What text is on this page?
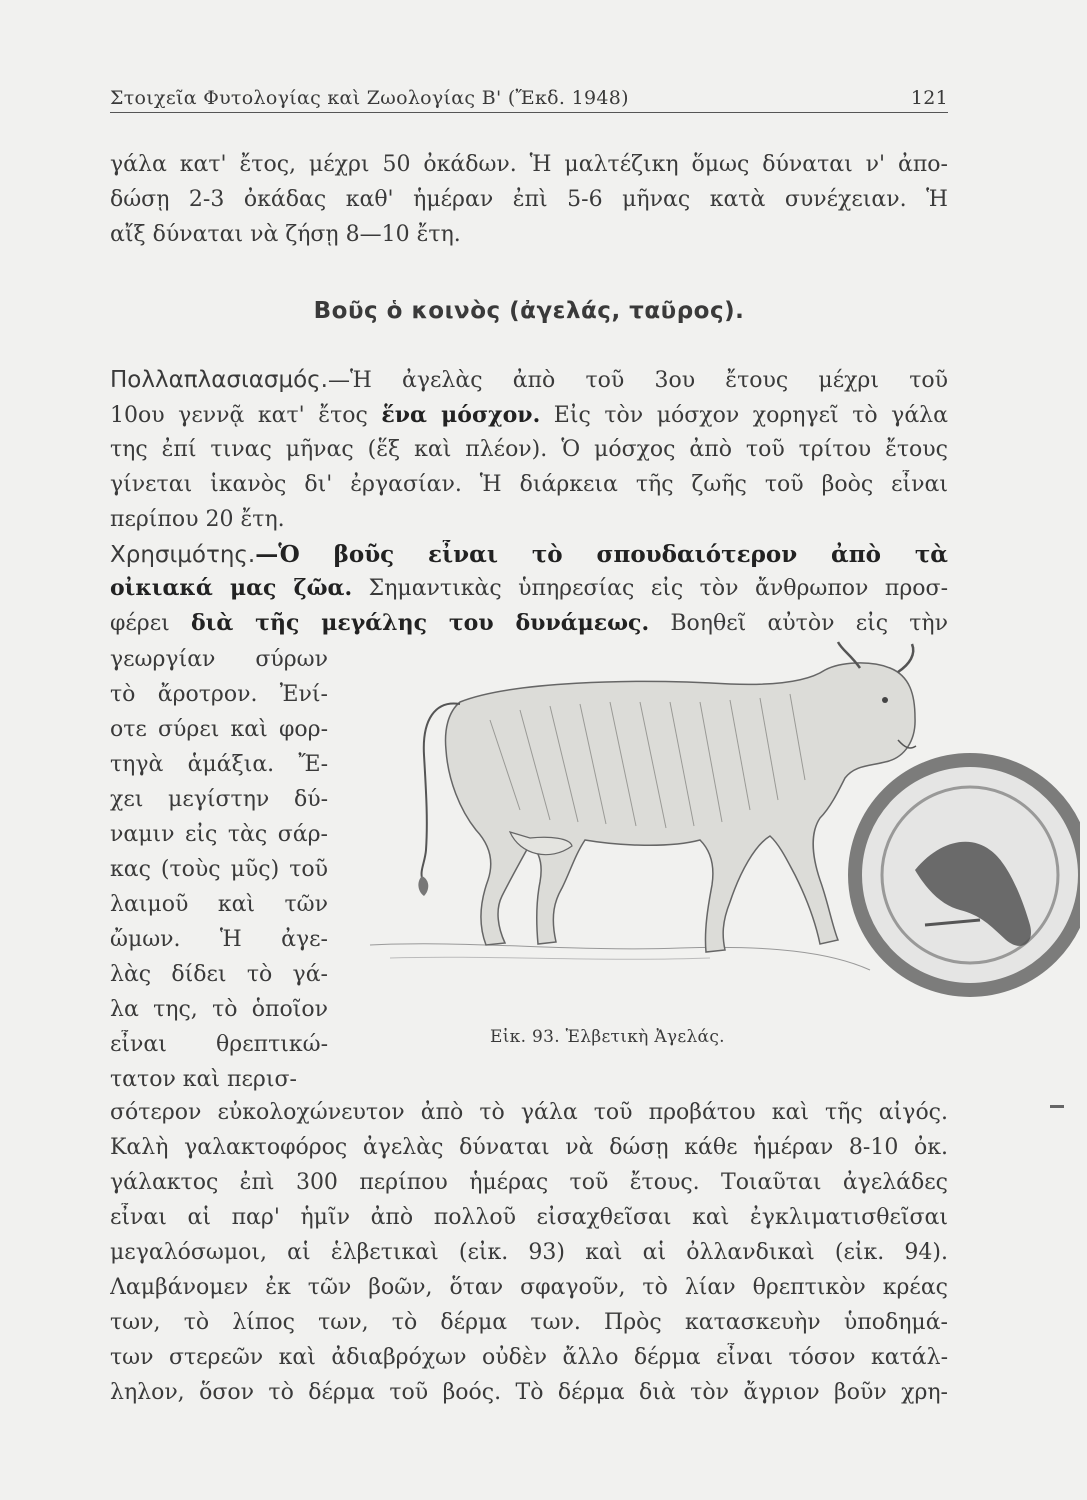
Στοιχεῖα Φυτολογίας καὶ Ζωολογίας Β' (Ἔκδ. 1948)	121
γάλα κατ' ἔτος, μέχρι 50 ὀκάδων. Ἡ μαλτέζικη ὅμως δύναται ν' ἀπο-
δώσῃ 2-3 ὀκάδας καθ' ἡμέραν ἐπὶ 5-6 μῆνας κατὰ συνέχειαν. Ἡ
αἴξ δύναται νὰ ζήσῃ 8—10 ἔτη.
Βοῦς ὁ κοινὸς (ἀγελάς, ταῦρος).
Πολλαπλασιασμός.—Ἡ ἀγελὰς ἀπὸ τοῦ 3ου ἔτους μέχρι τοῦ
10ου γεννᾷ κατ' ἔτος ἕνα μόσχον. Εἰς τὸν μόσχον χορηγεῖ τὸ γάλα
της ἐπί τινας μῆνας (ἕξ καὶ πλέον). Ὁ μόσχος ἀπὸ τοῦ τρίτου ἔτους
γίνεται ἱκανὸς δι' ἐργασίαν. Ἡ διάρκεια τῆς ζωῆς τοῦ βοὸς εἶναι
περίπου 20 ἔτη.
Χρησιμότης.—Ὁ βοῦς εἶναι τὸ σπουδαιότερον ἀπὸ τὰ
οἰκιακά μας ζῶα. Σημαντικὰς ὑπηρεσίας εἰς τὸν ἄνθρωπον προσ-
φέρει διὰ τῆς μεγάλης του δυνάμεως. Βοηθεῖ αὐτὸν εἰς τὴν
γεωργίαν σύρων
τὸ ἄροτρον. Ἐνί-
οτε σύρει καὶ φορ-
τηγὰ ἁμάξια. Ἔ-
χει μεγίστην δύ-
ναμιν εἰς τὰς σάρ-
κας (τοὺς μῦς) τοῦ
λαιμοῦ καὶ τῶν
ὤμων. Ἡ ἀγε-
λὰς δίδει τὸ γά-
λα της, τὸ ὁποῖον
εἶναι θρεπτικώ-
τατον καὶ περισ-
Εἰκ. 93. Ἑλβετικὴ Ἀγελάς.
σότερον εὐκολοχώνευτον ἀπὸ τὸ γάλα τοῦ προβάτου καὶ τῆς αἰγός.
Καλὴ γαλακτοφόρος ἀγελὰς δύναται νὰ δώσῃ κάθε ἡμέραν 8-10 ὀκ.
γάλακτος ἐπὶ 300 περίπου ἡμέρας τοῦ ἔτους. Τοιαῦται ἀγελάδες
εἶναι αἱ παρ' ἡμῖν ἀπὸ πολλοῦ εἰσαχθεῖσαι καὶ ἐγκλιματισθεῖσαι
μεγαλόσωμοι, αἱ ἑλβετικαὶ (εἰκ. 93) καὶ αἱ ὀλλανδικαὶ (εἰκ. 94).
Λαμβάνομεν ἐκ τῶν βοῶν, ὅταν σφαγοῦν, τὸ λίαν θρεπτικὸν κρέας
των, τὸ λίπος των, τὸ δέρμα των. Πρὸς κατασκευὴν ὑποδημά-
των στερεῶν καὶ ἀδιαβρόχων οὐδὲν ἄλλο δέρμα εἶναι τόσον κατάλ-
ληλον, ὅσον τὸ δέρμα τοῦ βοός. Τὸ δέρμα διὰ τὸν ἄγριον βοῦν χρη-
